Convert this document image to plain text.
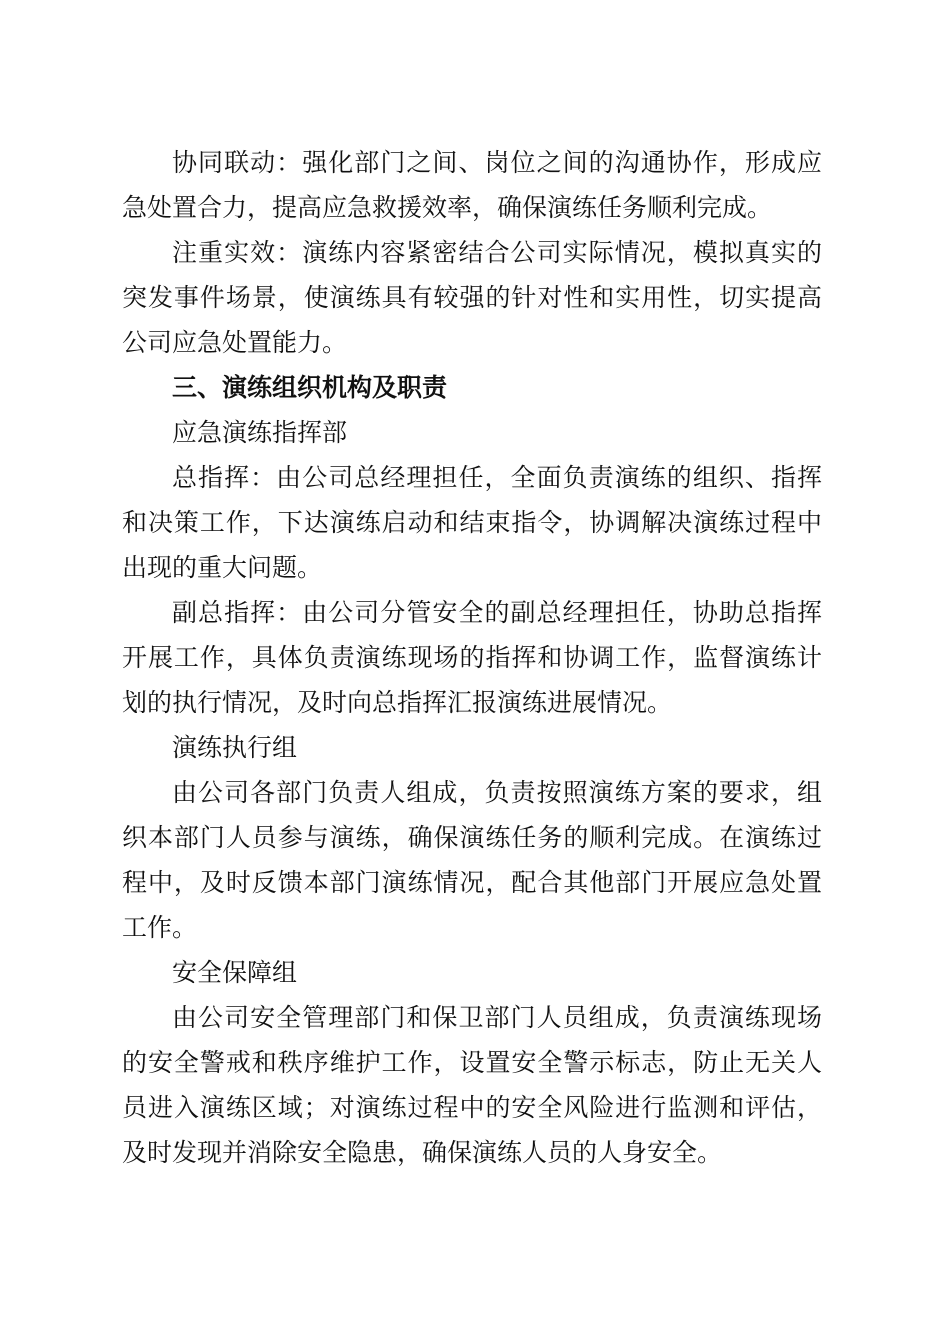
协同联动：强化部门之间、岗位之间的沟通协作，形成应
急处置合力，提高应急救援效率，确保演练任务顺利完成。
注重实效：演练内容紧密结合公司实际情况，模拟真实的
突发事件场景，使演练具有较强的针对性和实用性，切实提高
公司应急处置能力。
三、演练组织机构及职责
应急演练指挥部
总指挥：由公司总经理担任，全面负责演练的组织、指挥
和决策工作，下达演练启动和结束指令，协调解决演练过程中
出现的重大问题。
副总指挥：由公司分管安全的副总经理担任，协助总指挥
开展工作，具体负责演练现场的指挥和协调工作，监督演练计
划的执行情况，及时向总指挥汇报演练进展情况。
演练执行组
由公司各部门负责人组成，负责按照演练方案的要求，组
织本部门人员参与演练，确保演练任务的顺利完成。在演练过
程中，及时反馈本部门演练情况，配合其他部门开展应急处置
工作。
安全保障组
由公司安全管理部门和保卫部门人员组成，负责演练现场
的安全警戒和秩序维护工作，设置安全警示标志，防止无关人
员进入演练区域；对演练过程中的安全风险进行监测和评估，
及时发现并消除安全隐患，确保演练人员的人身安全。
